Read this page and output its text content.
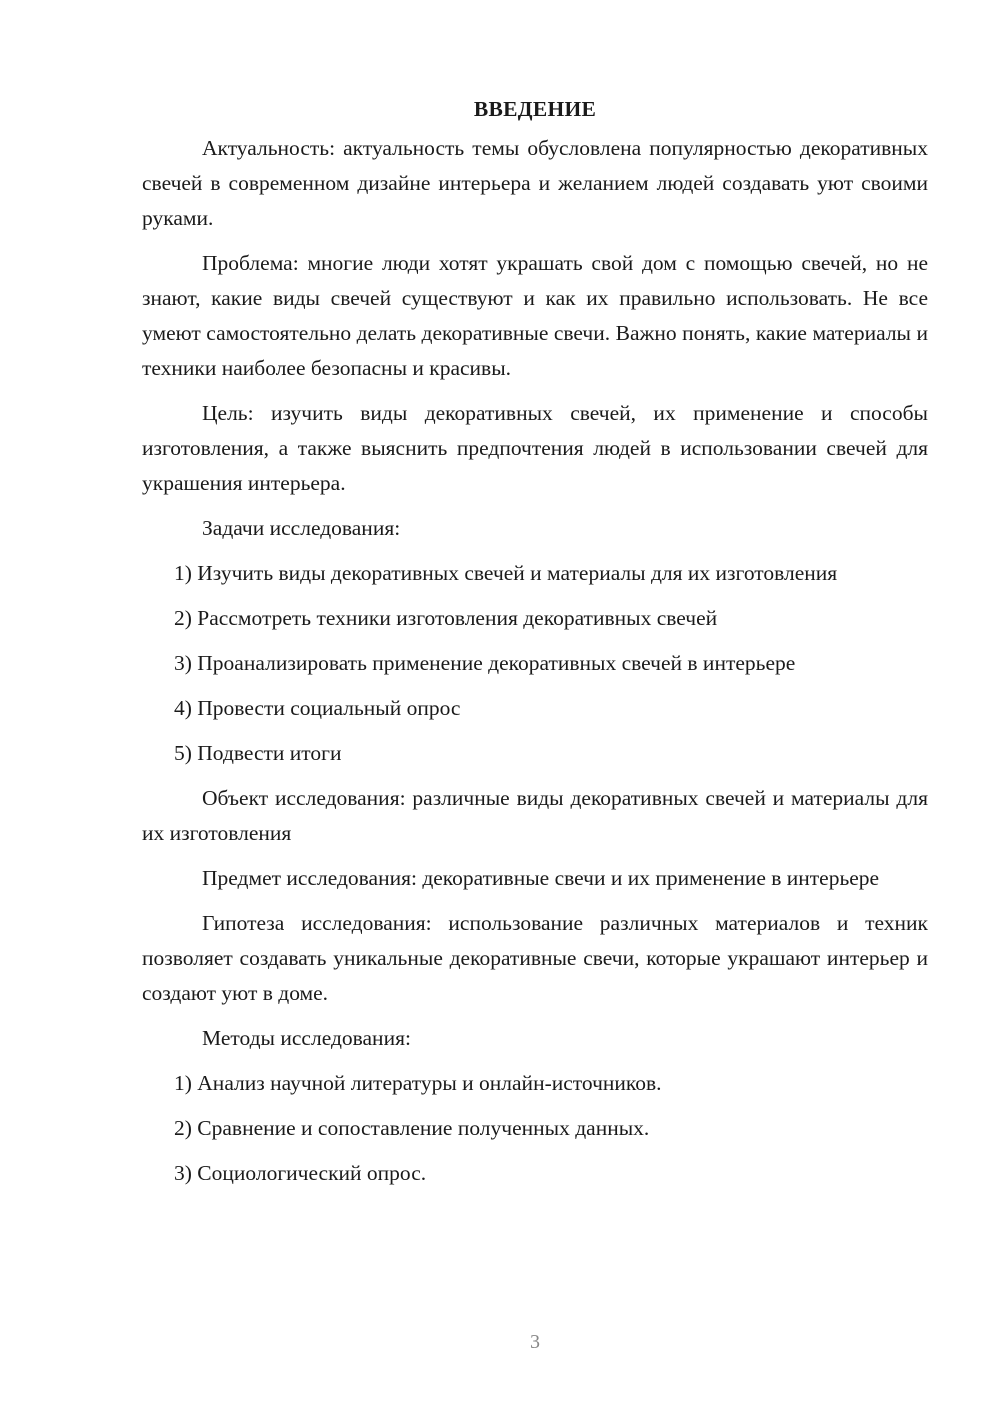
ВВЕДЕНИЕ

Актуальность: актуальность темы обусловлена популярностью декоративных свечей в современном дизайне интерьера и желанием людей создавать уют своими руками.

Проблема: многие люди хотят украшать свой дом с помощью свечей, но не знают, какие виды свечей существуют и как их правильно использовать. Не все умеют самостоятельно делать декоративные свечи. Важно понять, какие материалы и техники наиболее безопасны и красивы.

Цель: изучить виды декоративных свечей, их применение и способы изготовления, а также выяснить предпочтения людей в использовании свечей для украшения интерьера.

Задачи исследования:

1) Изучить виды декоративных свечей и материалы для их изготовления

2) Рассмотреть техники изготовления декоративных свечей

3) Проанализировать применение декоративных свечей в интерьере

4) Провести социальный опрос

5) Подвести итоги

Объект исследования: различные виды декоративных свечей и материалы для их изготовления

Предмет исследования: декоративные свечи и их применение в интерьере

Гипотеза исследования: использование различных материалов и техник позволяет создавать уникальные декоративные свечи, которые украшают интерьер и создают уют в доме.

Методы исследования:

1) Анализ научной литературы и онлайн-источников.

2) Сравнение и сопоставление полученных данных.

3) Социологический опрос.

3
